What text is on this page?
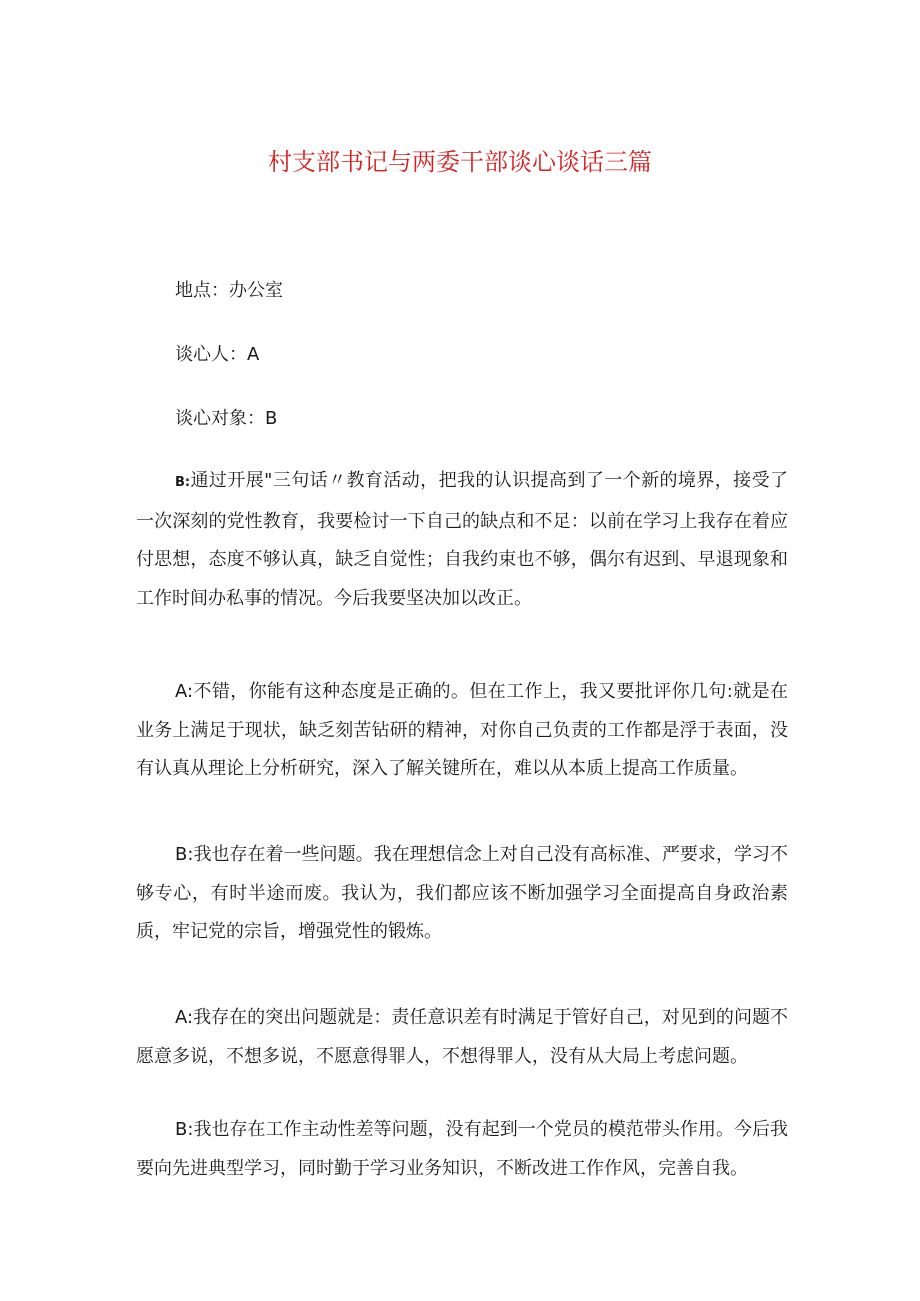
村支部书记与两委干部谈心谈话三篇

地点：办公室

谈心人：A

谈心对象：B

B:通过开展"三句话〃教育活动，把我的认识提高到了一个新的境界，接受了一次深刻的党性教育，我要检讨一下自己的缺点和不足：以前在学习上我存在着应付思想，态度不够认真，缺乏自觉性；自我约束也不够，偶尔有迟到、早退现象和工作时间办私事的情况。今后我要坚决加以改正。

A:不错，你能有这种态度是正确的。但在工作上，我又要批评你几句:就是在业务上满足于现状，缺乏刻苦钻研的精神，对你自己负责的工作都是浮于表面，没有认真从理论上分析研究，深入了解关键所在，难以从本质上提高工作质量。

B:我也存在着一些问题。我在理想信念上对自己没有高标准、严要求，学习不够专心，有时半途而废。我认为，我们都应该不断加强学习全面提高自身政治素质，牢记党的宗旨，增强党性的锻炼。

A:我存在的突出问题就是：责任意识差有时满足于管好自己，对见到的问题不愿意多说，不想多说，不愿意得罪人，不想得罪人，没有从大局上考虑问题。

B:我也存在工作主动性差等问题，没有起到一个党员的模范带头作用。今后我要向先进典型学习，同时勤于学习业务知识，不断改进工作作风，完善自我。
